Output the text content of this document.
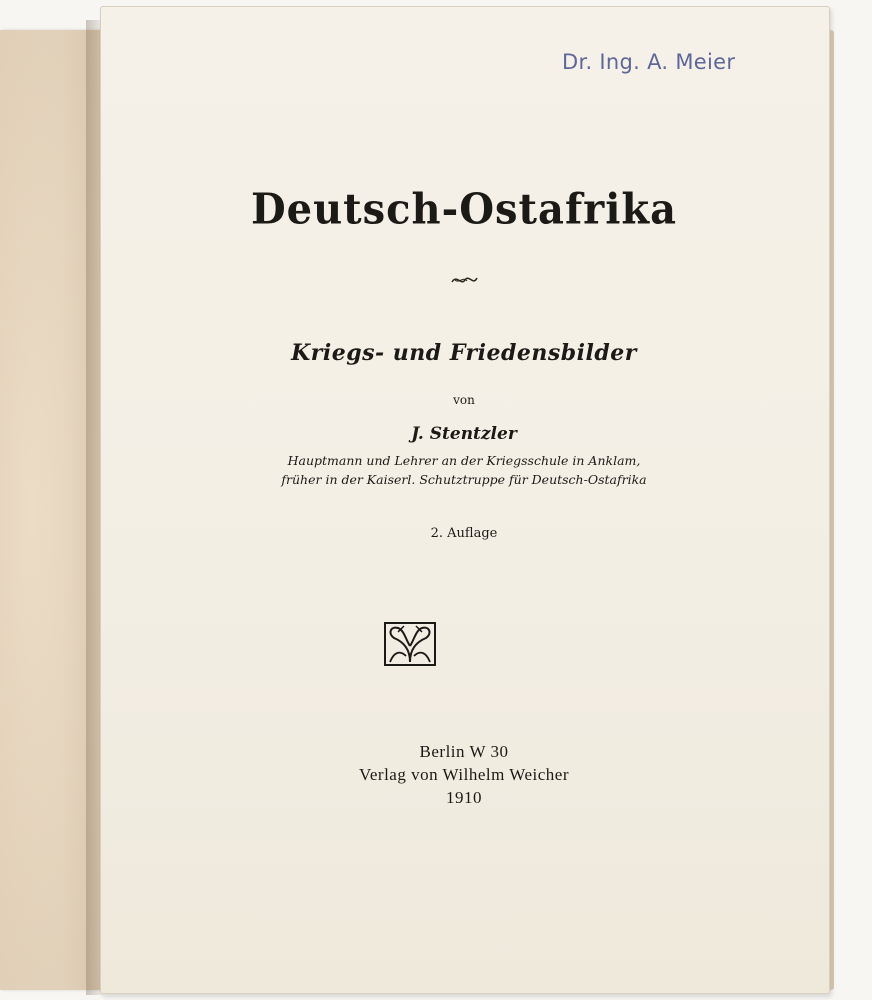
Dr. Ing. A. Meier
Deutsch-Ostafrika
Kriegs- und Friedensbilder
von
J. Stentzler
Hauptmann und Lehrer an der Kriegsschule in Anklam,
früher in der Kaiserl. Schutztruppe für Deutsch-Ostafrika
2. Auflage
Berlin W 30
Verlag von Wilhelm Weicher
1910
